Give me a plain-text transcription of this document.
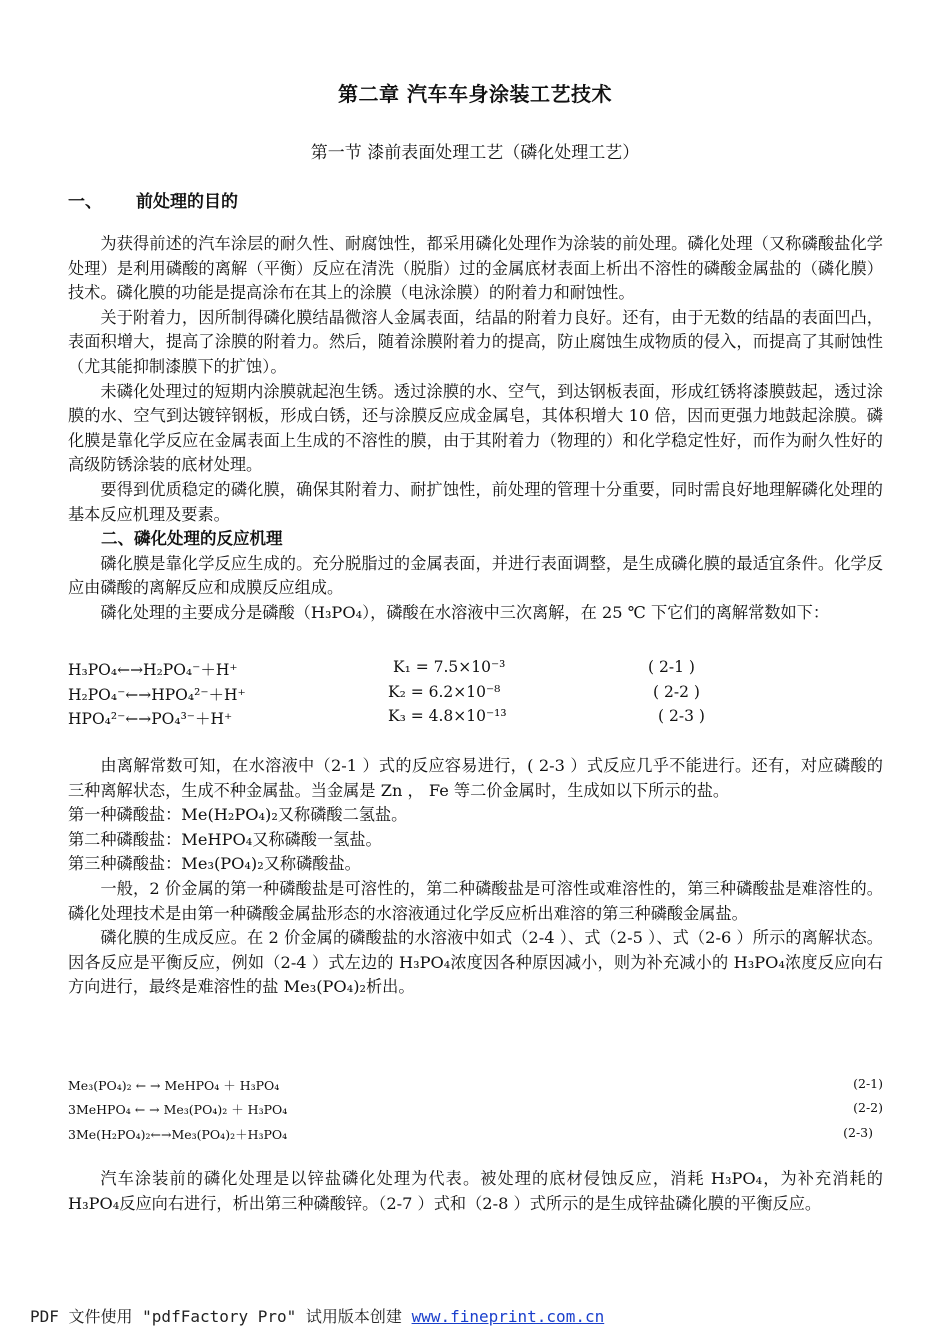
第二章 汽车车身涂装工艺技术
第一节 漆前表面处理工艺（磷化处理工艺）
一、 前处理的目的

为获得前述的汽车涂层的耐久性、耐腐蚀性，都采用磷化处理作为涂装的前处理。磷化处理（又称磷酸盐化学处理）是利用磷酸的离解（平衡）反应在清洗（脱脂）过的金属底材表面上析出不溶性的磷酸金属盐的（磷化膜）技术。磷化膜的功能是提高涂布在其上的涂膜（电泳涂膜）的附着力和耐蚀性。

关于附着力，因所制得磷化膜结晶微溶人金属表面，结晶的附着力良好。还有，由于无数的结晶的表面凹凸，表面积增大，提高了涂膜的附着力。然后，随着涂膜附着力的提高，防止腐蚀生成物质的侵入，而提高了其耐蚀性（尤其能抑制漆膜下的扩蚀）。

未磷化处理过的短期内涂膜就起泡生锈。透过涂膜的水、空气，到达钢板表面，形成红锈将漆膜鼓起，透过涂膜的水、空气到达镀锌钢板，形成白锈，还与涂膜反应成金属皂，其体积增大 10 倍，因而更强力地鼓起涂膜。磷化膜是靠化学反应在金属表面上生成的不溶性的膜，由于其附着力（物理的）和化学稳定性好，而作为耐久性好的高级防锈涂装的底材处理。

要得到优质稳定的磷化膜，确保其附着力、耐扩蚀性，前处理的管理十分重要，同时需良好地理解磷化处理的基本反应机理及要素。

二、磷化处理的反应机理

磷化膜是靠化学反应生成的。充分脱脂过的金属表面，并进行表面调整，是生成磷化膜的最适宜条件。化学反应由磷酸的离解反应和成膜反应组成。

磷化处理的主要成分是磷酸（H₃PO₄），磷酸在水溶液中三次离解，在 25 ℃ 下它们的离解常数如下：

H₃PO₄←→H₂PO₄⁻＋H⁺	K₁ = 7.5×10⁻³	( 2-1 )
H₂PO₄⁻←→HPO₄²⁻＋H⁺	K₂ = 6.2×10⁻⁸	( 2-2 )
HPO₄²⁻←→PO₄³⁻＋H⁺	K₃ = 4.8×10⁻¹³	( 2-3 )

由离解常数可知，在水溶液中（2-1 ）式的反应容易进行，( 2-3 ）式反应几乎不能进行。还有，对应磷酸的三种离解状态，生成不种金属盐。当金属是 Zn ， Fe 等二价金属时，生成如以下所示的盐。

第一种磷酸盐：Me(H₂PO₄)₂又称磷酸二氢盐。

第二种磷酸盐：MeHPO₄又称磷酸一氢盐。

第三种磷酸盐：Me₃(PO₄)₂又称磷酸盐。

一般，2 价金属的第一种磷酸盐是可溶性的，第二种磷酸盐是可溶性或难溶性的，第三种磷酸盐是难溶性的。磷化处理技术是由第一种磷酸金属盐形态的水溶液通过化学反应析出难溶的第三种磷酸金属盐。

磷化膜的生成反应。在 2 价金属的磷酸盐的水溶液中如式（2-4 ）、式（2-5 ）、式（2-6 ）所示的离解状态。因各反应是平衡反应，例如（2-4 ）式左边的 H₃PO₄浓度因各种原因减小，则为补充减小的 H₃PO₄浓度反应向右方向进行，最终是难溶性的盐 Me₃(PO₄)₂析出。

Me₃(PO₄)₂ ← → MeHPO₄ ＋ H₃PO₄	(2-1)
3MeHPO₄ ← → Me₃(PO₄)₂ ＋ H₃PO₄	(2-2)
3Me(H₂PO₄)₂←→Me₃(PO₄)₂＋H₃PO₄	(2-3)

汽车涂装前的磷化处理是以锌盐磷化处理为代表。被处理的底材侵蚀反应，消耗 H₃PO₄，为补充消耗的 H₃PO₄反应向右进行，析出第三种磷酸锌。（2-7 ）式和（2-8 ）式所示的是生成锌盐磷化膜的平衡反应。

PDF 文件使用 "pdfFactory Pro" 试用版本创建 www.fineprint.com.cn
